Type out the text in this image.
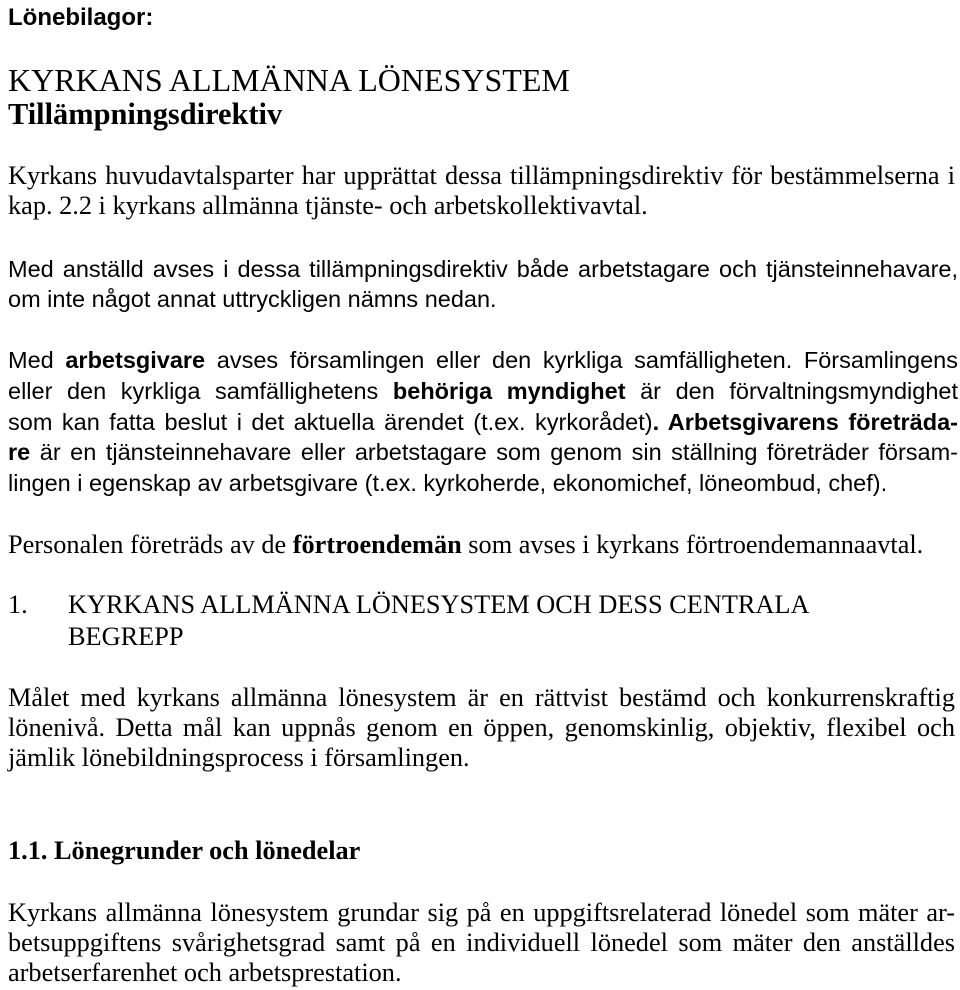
Lönebilagor:
KYRKANS ALLMÄNNA LÖNESYSTEM
Tillämpningsdirektiv
Kyrkans huvudavtalsparter har upprättat dessa tillämpningsdirektiv för bestämmelserna i
kap. 2.2 i kyrkans allmänna tjänste- och arbetskollektivavtal.
Med anställd avses i dessa tillämpningsdirektiv både arbetstagare och tjänsteinnehavare,
om inte något annat uttryckligen nämns nedan.
Med arbetsgivare avses församlingen eller den kyrkliga samfälligheten. Församlingens
eller den kyrkliga samfällighetens behöriga myndighet är den förvaltningsmyndighet
som kan fatta beslut i det aktuella ärendet (t.ex. kyrkorådet). Arbetsgivarens företräda-
re är en tjänsteinnehavare eller arbetstagare som genom sin ställning företräder försam-
lingen i egenskap av arbetsgivare (t.ex. kyrkoherde, ekonomichef, löneombud, chef).
Personalen företräds av de förtroendemän som avses i kyrkans förtroendemannaavtal.
1. KYRKANS ALLMÄNNA LÖNESYSTEM OCH DESS CENTRALA
BEGREPP
Målet med kyrkans allmänna lönesystem är en rättvist bestämd och konkurrenskraftig
lönenivå. Detta mål kan uppnås genom en öppen, genomskinlig, objektiv, flexibel och
jämlik lönebildningsprocess i församlingen.
1.1. Lönegrunder och lönedelar
Kyrkans allmänna lönesystem grundar sig på en uppgiftsrelaterad lönedel som mäter ar-
betsuppgiftens svårighetsgrad samt på en individuell lönedel som mäter den anställdes
arbetserfarenhet och arbetsprestation.
